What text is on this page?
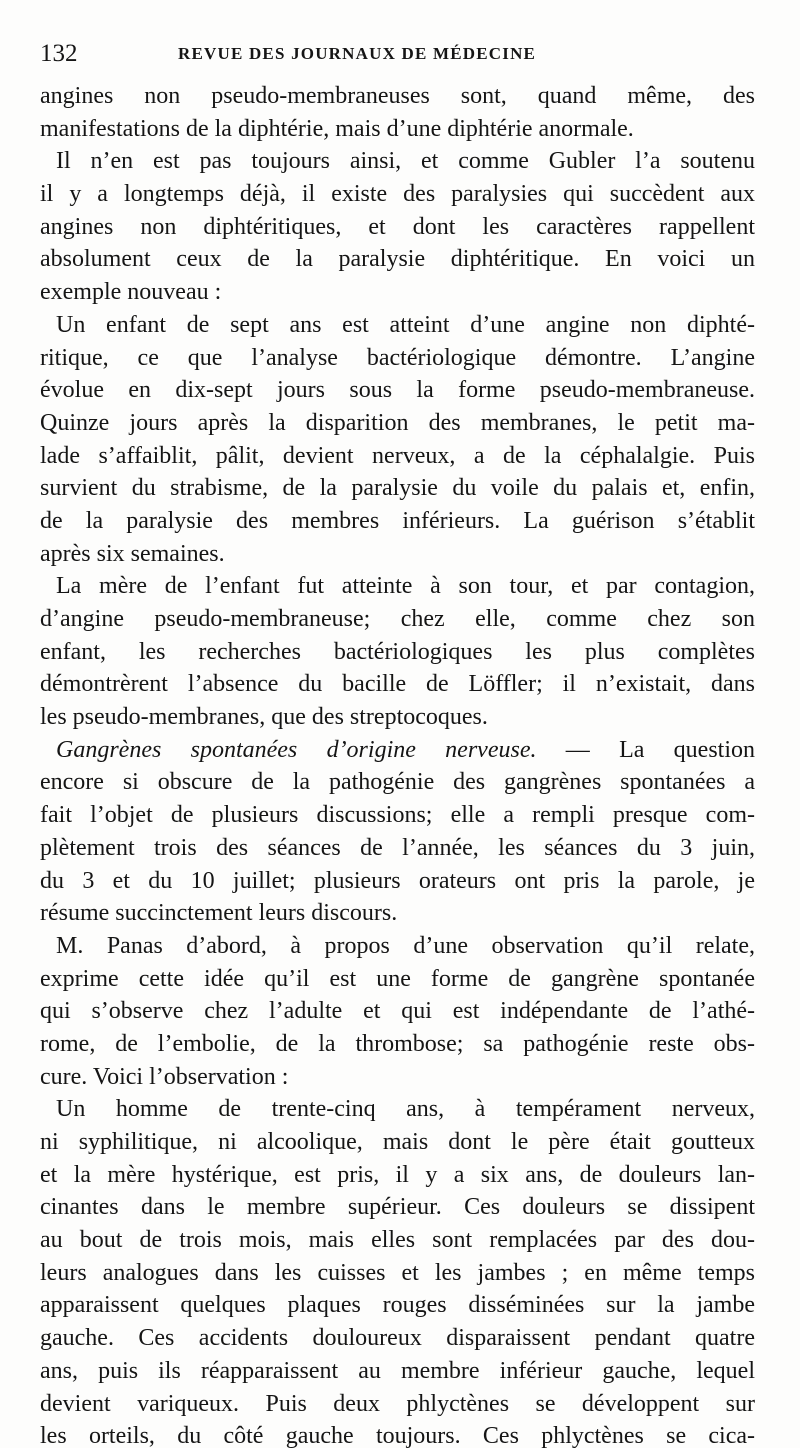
132	REVUE DES JOURNAUX DE MÉDECINE
angines non pseudo-membraneuses sont, quand même, des
manifestations de la diphtérie, mais d’une diphtérie anormale.
Il n’en est pas toujours ainsi, et comme Gubler l’a soutenu
il y a longtemps déjà, il existe des paralysies qui succèdent aux
angines non diphtéritiques, et dont les caractères rappellent
absolument ceux de la paralysie diphtéritique. En voici un
exemple nouveau :
Un enfant de sept ans est atteint d’une angine non diphté-
ritique, ce que l’analyse bactériologique démontre. L’angine
évolue en dix-sept jours sous la forme pseudo-membraneuse.
Quinze jours après la disparition des membranes, le petit ma-
lade s’affaiblit, pâlit, devient nerveux, a de la céphalalgie. Puis
survient du strabisme, de la paralysie du voile du palais et, enfin,
de la paralysie des membres inférieurs. La guérison s’établit
après six semaines.
La mère de l’enfant fut atteinte à son tour, et par contagion,
d’angine pseudo-membraneuse; chez elle, comme chez son
enfant, les recherches bactériologiques les plus complètes
démontrèrent l’absence du bacille de Löffler; il n’existait, dans
les pseudo-membranes, que des streptocoques.
Gangrènes spontanées d’origine nerveuse. — La question
encore si obscure de la pathogénie des gangrènes spontanées a
fait l’objet de plusieurs discussions; elle a rempli presque com-
plètement trois des séances de l’année, les séances du 3 juin,
du 3 et du 10 juillet; plusieurs orateurs ont pris la parole, je
résume succinctement leurs discours.
M. Panas d’abord, à propos d’une observation qu’il relate,
exprime cette idée qu’il est une forme de gangrène spontanée
qui s’observe chez l’adulte et qui est indépendante de l’athé-
rome, de l’embolie, de la thrombose; sa pathogénie reste obs-
cure. Voici l’observation :
Un homme de trente-cinq ans, à tempérament nerveux,
ni syphilitique, ni alcoolique, mais dont le père était goutteux
et la mère hystérique, est pris, il y a six ans, de douleurs lan-
cinantes dans le membre supérieur. Ces douleurs se dissipent
au bout de trois mois, mais elles sont remplacées par des dou-
leurs analogues dans les cuisses et les jambes ; en même temps
apparaissent quelques plaques rouges disséminées sur la jambe
gauche. Ces accidents douloureux disparaissent pendant quatre
ans, puis ils réapparaissent au membre inférieur gauche, lequel
devient variqueux. Puis deux phlyctènes se développent sur
les orteils, du côté gauche toujours. Ces phlyctènes se cica-
